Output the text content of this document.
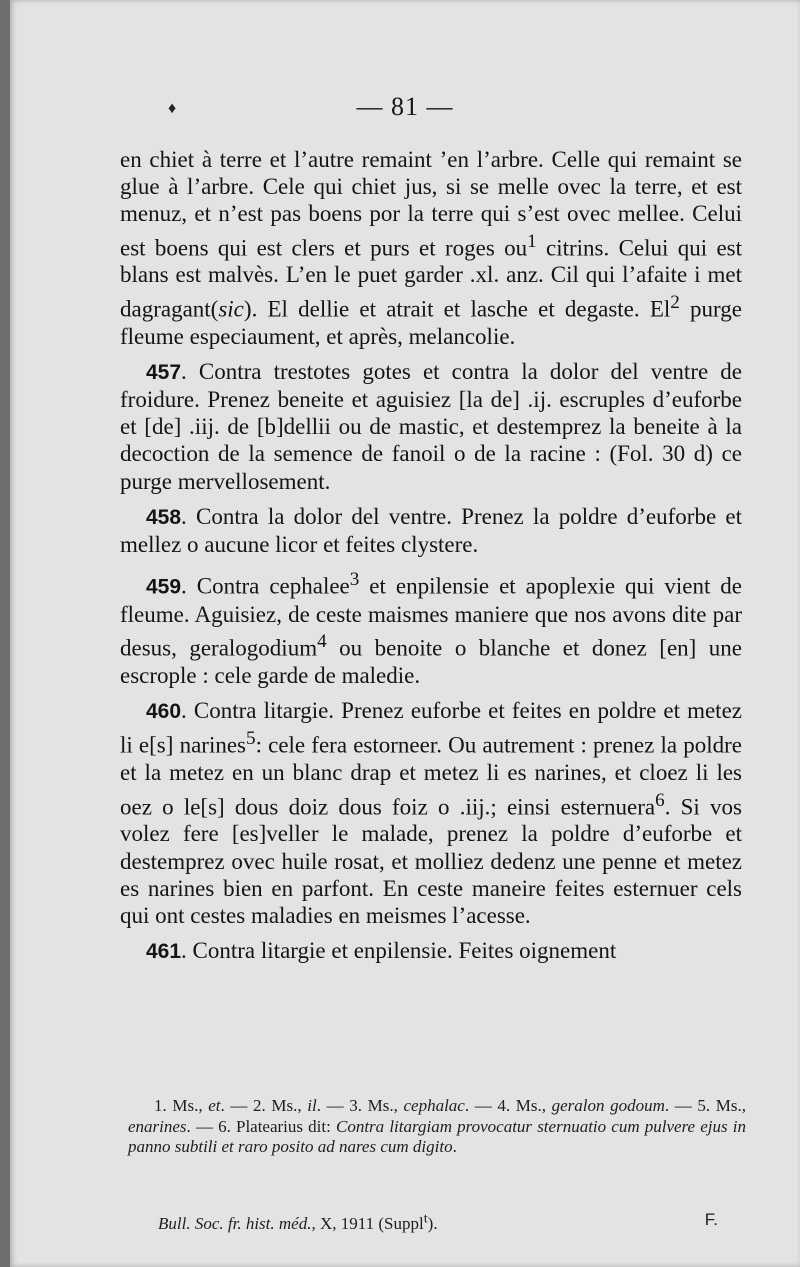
♦	— 81 —

en chiet à terre et l’autre remaint ’en l’arbre. Celle qui remaint se glue à l’arbre. Cele qui chiet jus, si se melle ovec la terre, et est menuz, et n’est pas boens por la terre qui s’est ovec mellee. Celui est boens qui est clers et purs et roges $ou^1$ citrins. Celui qui est blans est malvès. L’en le puet garder .xl. anz. Cil qui l’afaite i met dagragant(sic). El dellie et atrait et lasche et degaste. El$^2$ purge fleume especiaument, et après, melancolie.

457. Contra trestotes gotes et contra la dolor del ventre de froidure. Prenez beneite et aguisiez [la de] .ij. escruples d’euforbe et [de] .iij. de [b]dellii ou de mastic, et destemprez la beneite à la decoction de la semence de fanoil o de la racine : (Fol. 30 d) ce purge mervellosement.

458. Contra la dolor del ventre. Prenez la poldre d’euforbe et mellez o aucune licor et feites clystere.

459. Contra cephalee$^3$ et enpilensie et apoplexie qui vient de fleume. Aguisiez, de ceste maismes maniere que nos avons dite par desus, geralogodium$^4$ ou benoite o blanche et donez [en] une escrople : cele garde de maledie.

460. Contra litargie. Prenez euforbe et feites en poldre et metez li e[s] narines$^5$: cele fera estorneer. Ou autrement : prenez la poldre et la metez en un blanc drap et metez li es narines, et cloez li les oez o le[s] dous doiz dous foiz o .iij.; einsi esternuera$^6$. Si vos volez fere [es]veller le malade, prenez la poldre d’euforbe et destemprez ovec huile rosat, et molliez dedenz une penne et metez es narines bien en parfont. En ceste maneire feites esternuer cels qui ont cestes maladies en meismes l’acesse.

461. Contra litargie et enpilensie. Feites oignement

1. Ms., et. — 2. Ms., il. — 3. Ms., cephalac. — 4. Ms., geralon godoum. — 5. Ms., enarines. — 6. Platearius dit: Contra litargiam provocatur sternuatio cum pulvere ejus in panno subtili et raro posito ad nares cum digito.

Bull. Soc. fr. hist. méd., X, 1911 (Suppl$^t$).	F.
